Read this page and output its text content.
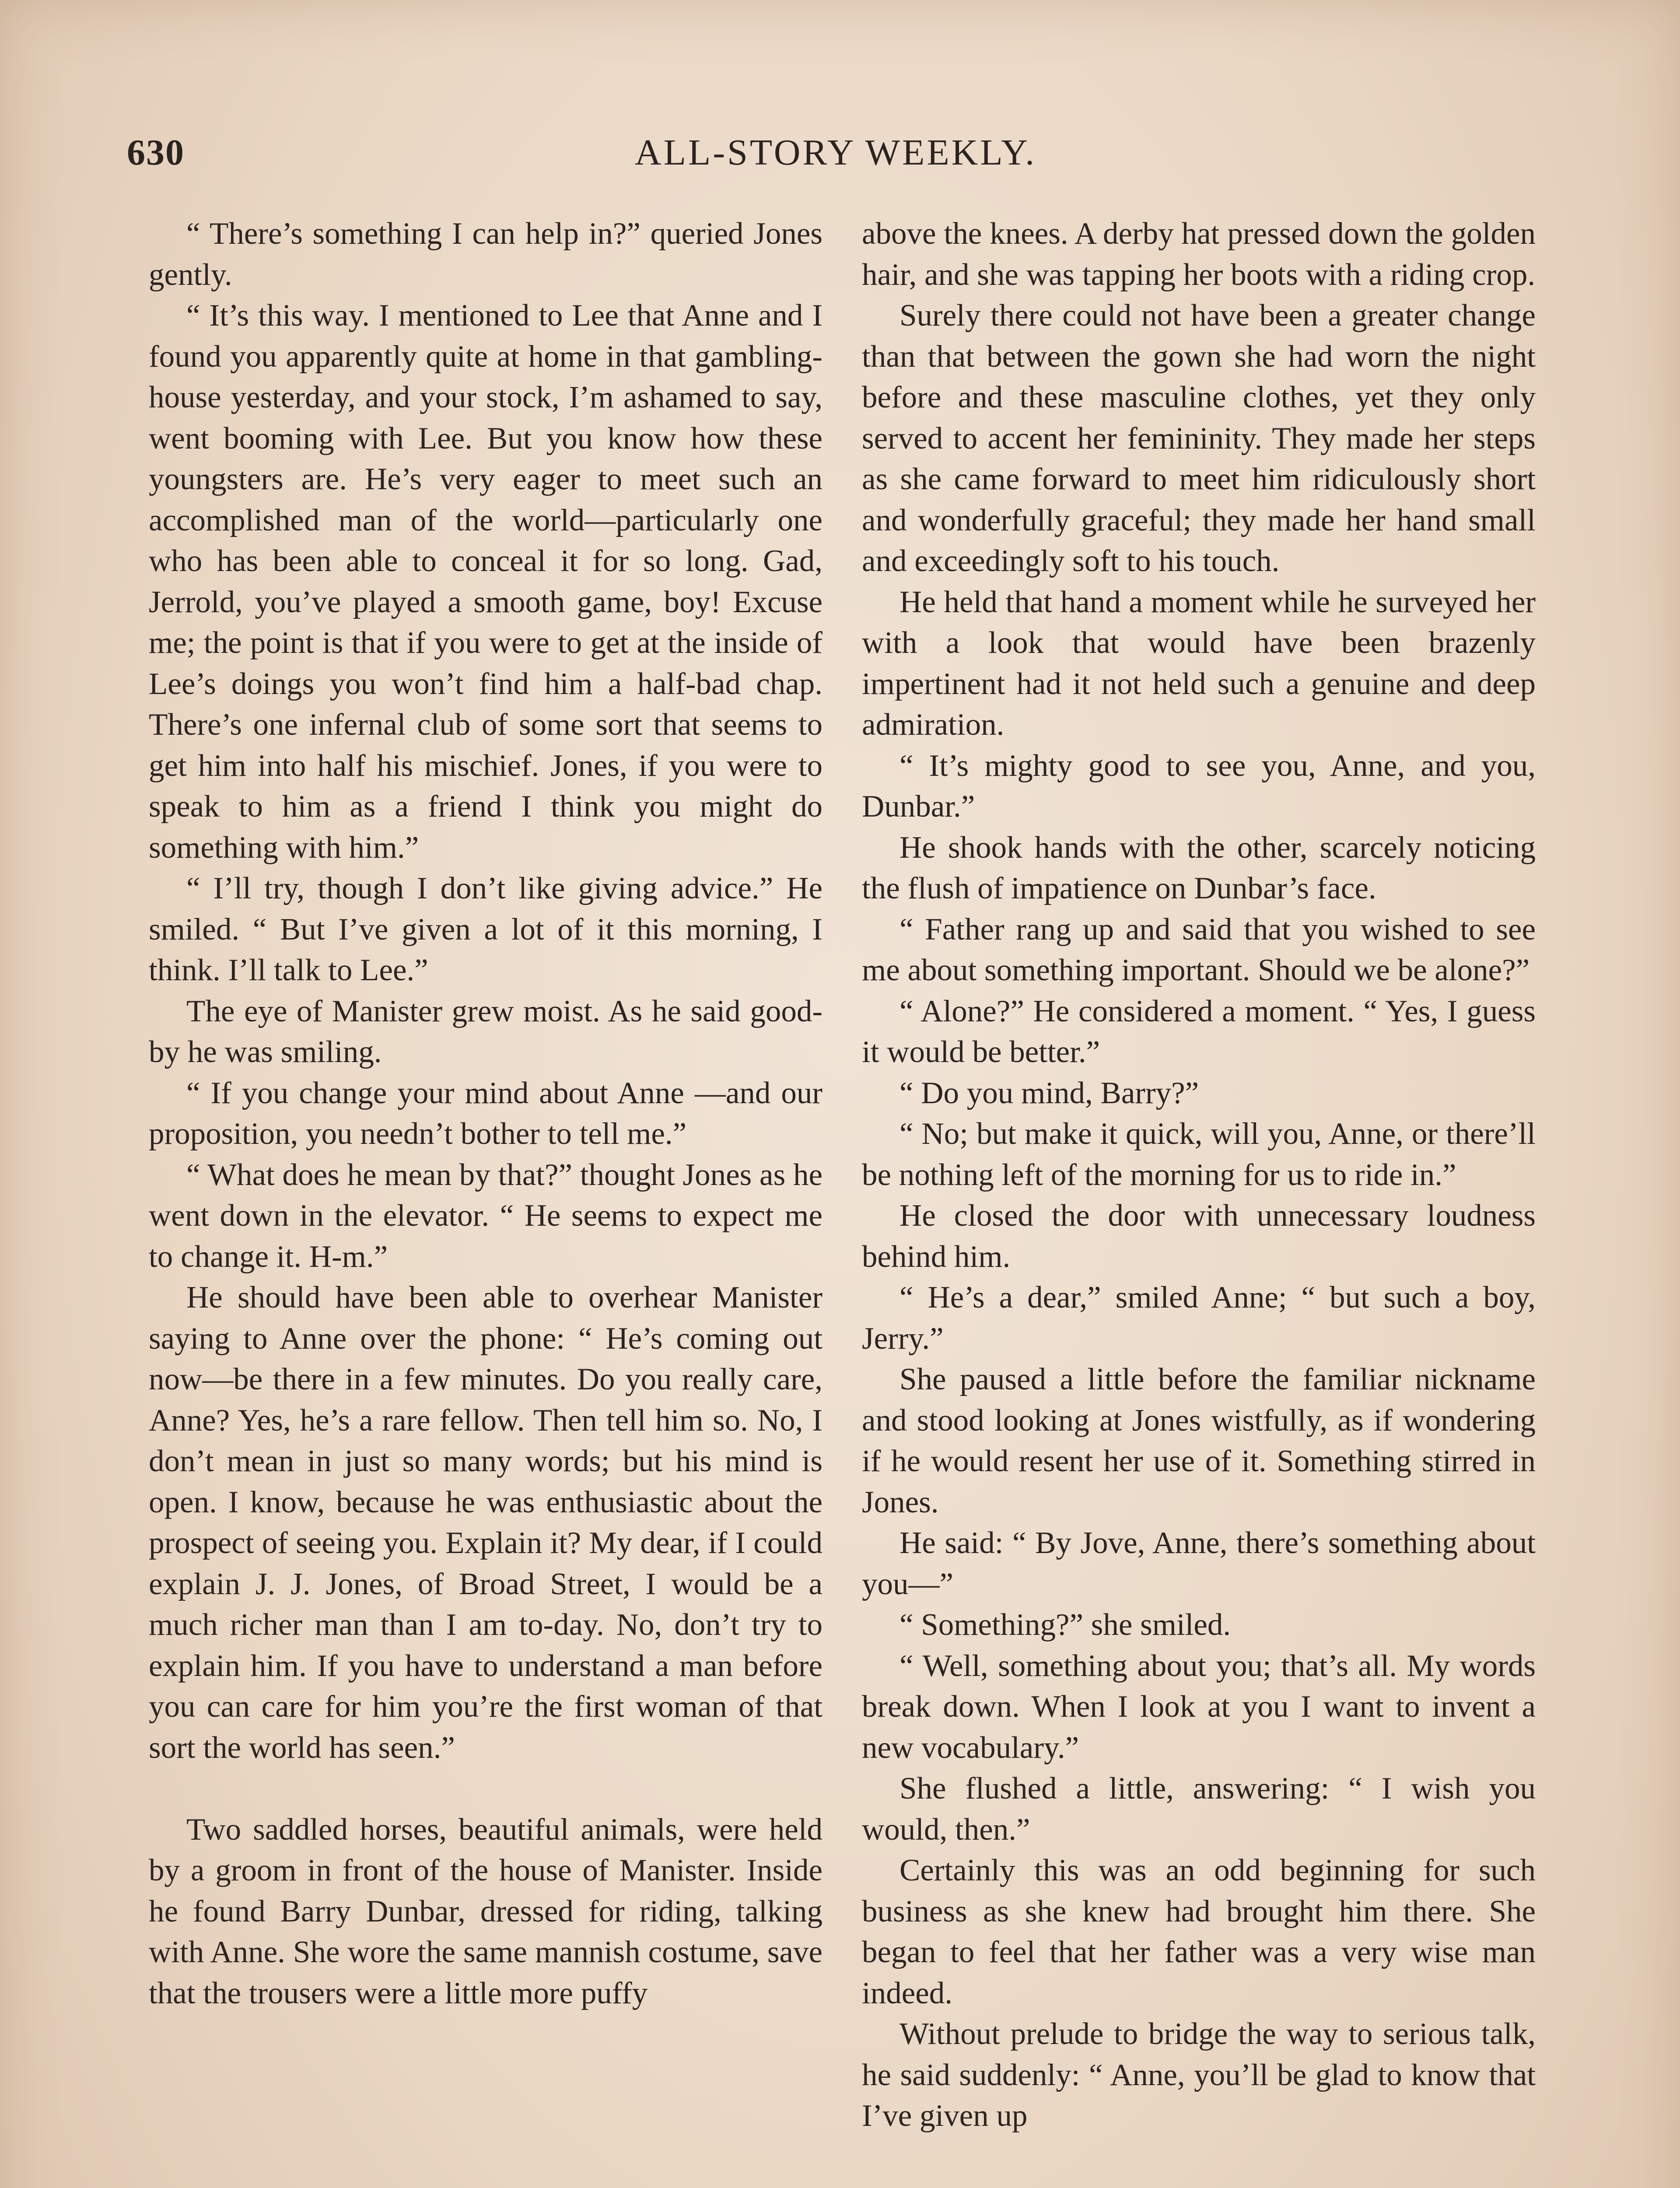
630	ALL-STORY WEEKLY.

“ There’s something I can help in?” queried Jones gently.

“ It’s this way. I mentioned to Lee that Anne and I found you apparently quite at home in that gambling-house yesterday, and your stock, I’m ashamed to say, went booming with Lee. But you know how these youngsters are. He’s very eager to meet such an accomplished man of the world—particularly one who has been able to conceal it for so long. Gad, Jerrold, you’ve played a smooth game, boy! Excuse me; the point is that if you were to get at the inside of Lee’s doings you won’t find him a half-bad chap. There’s one infernal club of some sort that seems to get him into half his mischief. Jones, if you were to speak to him as a friend I think you might do something with him.”

“ I’ll try, though I don’t like giving advice.” He smiled. “ But I’ve given a lot of it this morning, I think. I’ll talk to Lee.”

The eye of Manister grew moist. As he said good-by he was smiling.

“ If you change your mind about Anne —and our proposition, you needn’t bother to tell me.”

“ What does he mean by that?” thought Jones as he went down in the elevator. “ He seems to expect me to change it. H-m.”

He should have been able to overhear Manister saying to Anne over the phone: “ He’s coming out now—be there in a few minutes. Do you really care, Anne? Yes, he’s a rare fellow. Then tell him so. No, I don’t mean in just so many words; but his mind is open. I know, because he was enthusiastic about the prospect of seeing you. Explain it? My dear, if I could explain J. J. Jones, of Broad Street, I would be a much richer man than I am to-day. No, don’t try to explain him. If you have to understand a man before you can care for him you’re the first woman of that sort the world has seen.”

Two saddled horses, beautiful animals, were held by a groom in front of the house of Manister. Inside he found Barry Dunbar, dressed for riding, talking with Anne. She wore the same mannish costume, save that the trousers were a little more puffy

above the knees. A derby hat pressed down the golden hair, and she was tapping her boots with a riding crop.

Surely there could not have been a greater change than that between the gown she had worn the night before and these masculine clothes, yet they only served to accent her femininity. They made her steps as she came forward to meet him ridiculously short and wonderfully graceful; they made her hand small and exceedingly soft to his touch.

He held that hand a moment while he surveyed her with a look that would have been brazenly impertinent had it not held such a genuine and deep admiration.

“ It’s mighty good to see you, Anne, and you, Dunbar.”

He shook hands with the other, scarcely noticing the flush of impatience on Dunbar’s face.

“ Father rang up and said that you wished to see me about something important. Should we be alone?”

“ Alone?” He considered a moment. “ Yes, I guess it would be better.”

“ Do you mind, Barry?”

“ No; but make it quick, will you, Anne, or there’ll be nothing left of the morning for us to ride in.”

He closed the door with unnecessary loudness behind him.

“ He’s a dear,” smiled Anne; “ but such a boy, Jerry.”

She paused a little before the familiar nickname and stood looking at Jones wistfully, as if wondering if he would resent her use of it. Something stirred in Jones.

He said: “ By Jove, Anne, there’s something about you—”

“ Something?” she smiled.

“ Well, something about you; that’s all. My words break down. When I look at you I want to invent a new vocabulary.”

She flushed a little, answering: “ I wish you would, then.”

Certainly this was an odd beginning for such business as she knew had brought him there. She began to feel that her father was a very wise man indeed.

Without prelude to bridge the way to serious talk, he said suddenly: “ Anne, you’ll be glad to know that I’ve given up
